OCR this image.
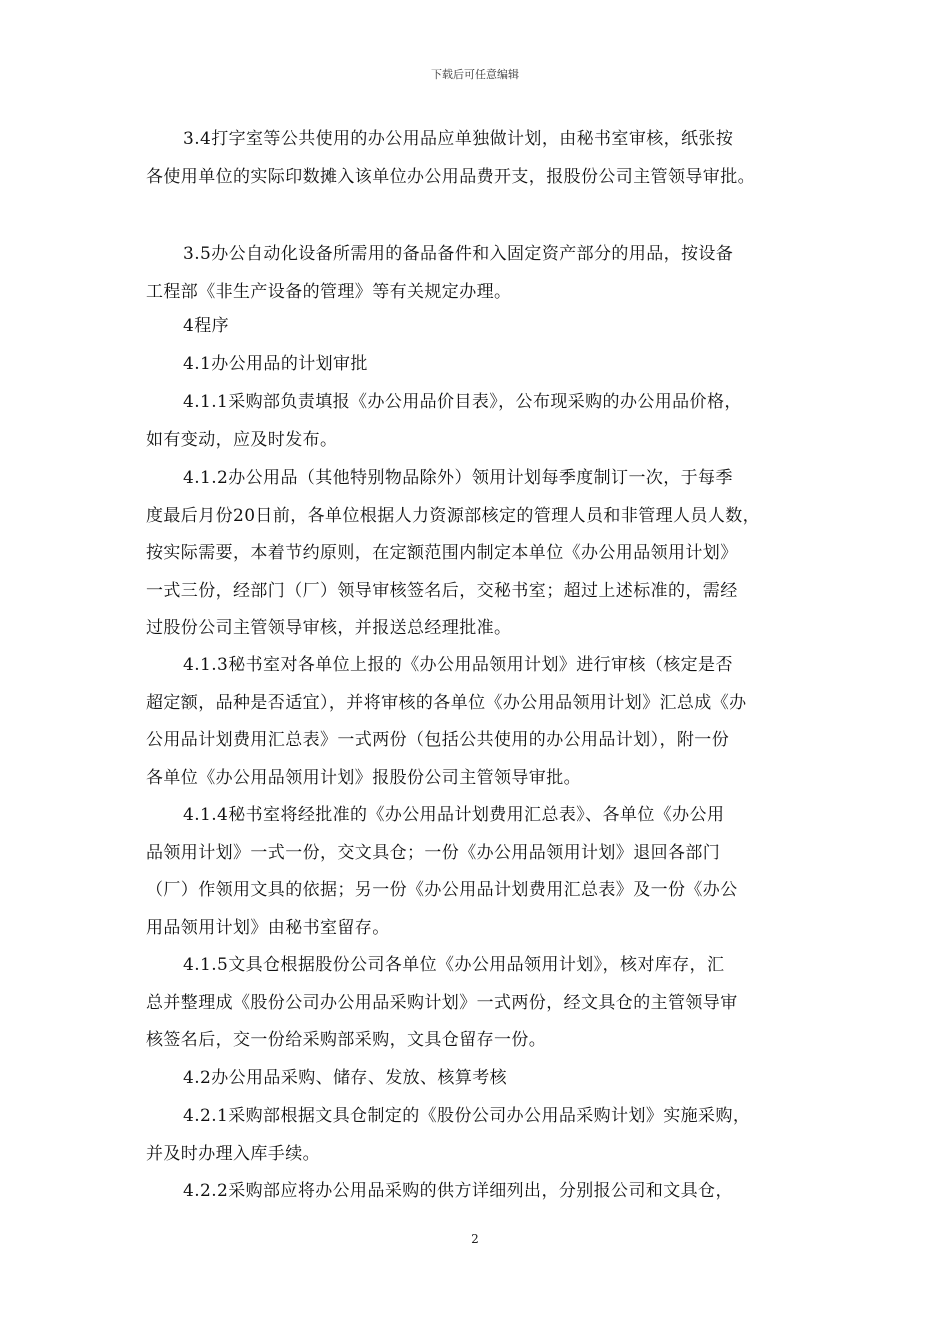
下载后可任意编辑
3.4打字室等公共使用的办公用品应单独做计划，由秘书室审核，纸张按
各使用单位的实际印数摊入该单位办公用品费开支，报股份公司主管领导审批。
3.5办公自动化设备所需用的备品备件和入固定资产部分的用品，按设备
工程部《非生产设备的管理》等有关规定办理。
4程序
4.1办公用品的计划审批
4.1.1采购部负责填报《办公用品价目表》，公布现采购的办公用品价格，
如有变动，应及时发布。
4.1.2办公用品（其他特别物品除外）领用计划每季度制订一次，于每季
度最后月份20日前，各单位根据人力资源部核定的管理人员和非管理人员人数，
按实际需要，本着节约原则，在定额范围内制定本单位《办公用品领用计划》
一式三份，经部门（厂）领导审核签名后，交秘书室；超过上述标准的，需经
过股份公司主管领导审核，并报送总经理批准。
4.1.3秘书室对各单位上报的《办公用品领用计划》进行审核（核定是否
超定额，品种是否适宜），并将审核的各单位《办公用品领用计划》汇总成《办
公用品计划费用汇总表》一式两份（包括公共使用的办公用品计划），附一份
各单位《办公用品领用计划》报股份公司主管领导审批。
4.1.4秘书室将经批准的《办公用品计划费用汇总表》、各单位《办公用
品领用计划》一式一份，交文具仓；一份《办公用品领用计划》退回各部门
（厂）作领用文具的依据；另一份《办公用品计划费用汇总表》及一份《办公
用品领用计划》由秘书室留存。
4.1.5文具仓根据股份公司各单位《办公用品领用计划》，核对库存，汇
总并整理成《股份公司办公用品采购计划》一式两份，经文具仓的主管领导审
核签名后，交一份给采购部采购，文具仓留存一份。
4.2办公用品采购、储存、发放、核算考核
4.2.1采购部根据文具仓制定的《股份公司办公用品采购计划》实施采购，
并及时办理入库手续。
4.2.2采购部应将办公用品采购的供方详细列出，分别报公司和文具仓，
2
